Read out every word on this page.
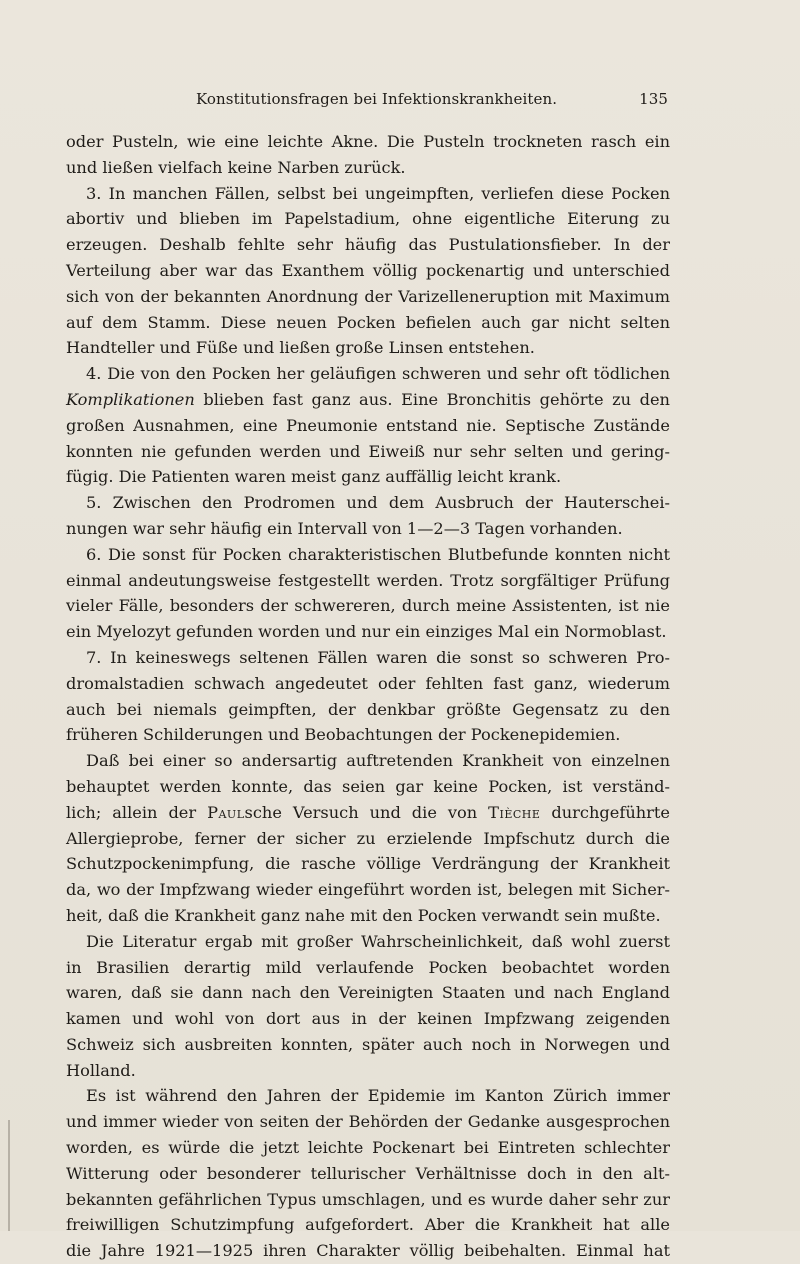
Konstitutionsfragen bei Infektionskrankheiten.	135
oder Pusteln, wie eine leichte Akne. Die Pusteln trockneten rasch ein
und ließen vielfach keine Narben zurück.
3. In manchen Fällen, selbst bei ungeimpften, verliefen diese Pocken
abortiv und blieben im Papelstadium, ohne eigentliche Eiterung zu
erzeugen. Deshalb fehlte sehr häufig das Pustulationsfieber. In der
Verteilung aber war das Exanthem völlig pockenartig und unterschied
sich von der bekannten Anordnung der Varizelleneruption mit Maximum
auf dem Stamm. Diese neuen Pocken befielen auch gar nicht selten
Handteller und Füße und ließen große Linsen entstehen.
4. Die von den Pocken her geläufigen schweren und sehr oft tödlichen
Komplikationen blieben fast ganz aus. Eine Bronchitis gehörte zu den
großen Ausnahmen, eine Pneumonie entstand nie. Septische Zustände
konnten nie gefunden werden und Eiweiß nur sehr selten und gering-
fügig. Die Patienten waren meist ganz auffällig leicht krank.
5. Zwischen den Prodromen und dem Ausbruch der Hauterschei-
nungen war sehr häufig ein Intervall von 1—2—3 Tagen vorhanden.
6. Die sonst für Pocken charakteristischen Blutbefunde konnten nicht
einmal andeutungsweise festgestellt werden. Trotz sorgfältiger Prüfung
vieler Fälle, besonders der schwereren, durch meine Assistenten, ist nie
ein Myelozyt gefunden worden und nur ein einziges Mal ein Normoblast.
7. In keineswegs seltenen Fällen waren die sonst so schweren Pro-
dromalstadien schwach angedeutet oder fehlten fast ganz, wiederum
auch bei niemals geimpften, der denkbar größte Gegensatz zu den
früheren Schilderungen und Beobachtungen der Pockenepidemien.
Daß bei einer so andersartig auftretenden Krankheit von einzelnen
behauptet werden konnte, das seien gar keine Pocken, ist verständ-
lich; allein der Paulsche Versuch und die von Tièche durchgeführte
Allergieprobe, ferner der sicher zu erzielende Impfschutz durch die
Schutzpockenimpfung, die rasche völlige Verdrängung der Krankheit
da, wo der Impfzwang wieder eingeführt worden ist, belegen mit Sicher-
heit, daß die Krankheit ganz nahe mit den Pocken verwandt sein mußte.
Die Literatur ergab mit großer Wahrscheinlichkeit, daß wohl zuerst
in Brasilien derartig mild verlaufende Pocken beobachtet worden
waren, daß sie dann nach den Vereinigten Staaten und nach England
kamen und wohl von dort aus in der keinen Impfzwang zeigenden
Schweiz sich ausbreiten konnten, später auch noch in Norwegen und
Holland.
Es ist während den Jahren der Epidemie im Kanton Zürich immer
und immer wieder von seiten der Behörden der Gedanke ausgesprochen
worden, es würde die jetzt leichte Pockenart bei Eintreten schlechter
Witterung oder besonderer tellurischer Verhältnisse doch in den alt-
bekannten gefährlichen Typus umschlagen, und es wurde daher sehr zur
freiwilligen Schutzimpfung aufgefordert. Aber die Krankheit hat alle
die Jahre 1921—1925 ihren Charakter völlig beibehalten. Einmal hat
